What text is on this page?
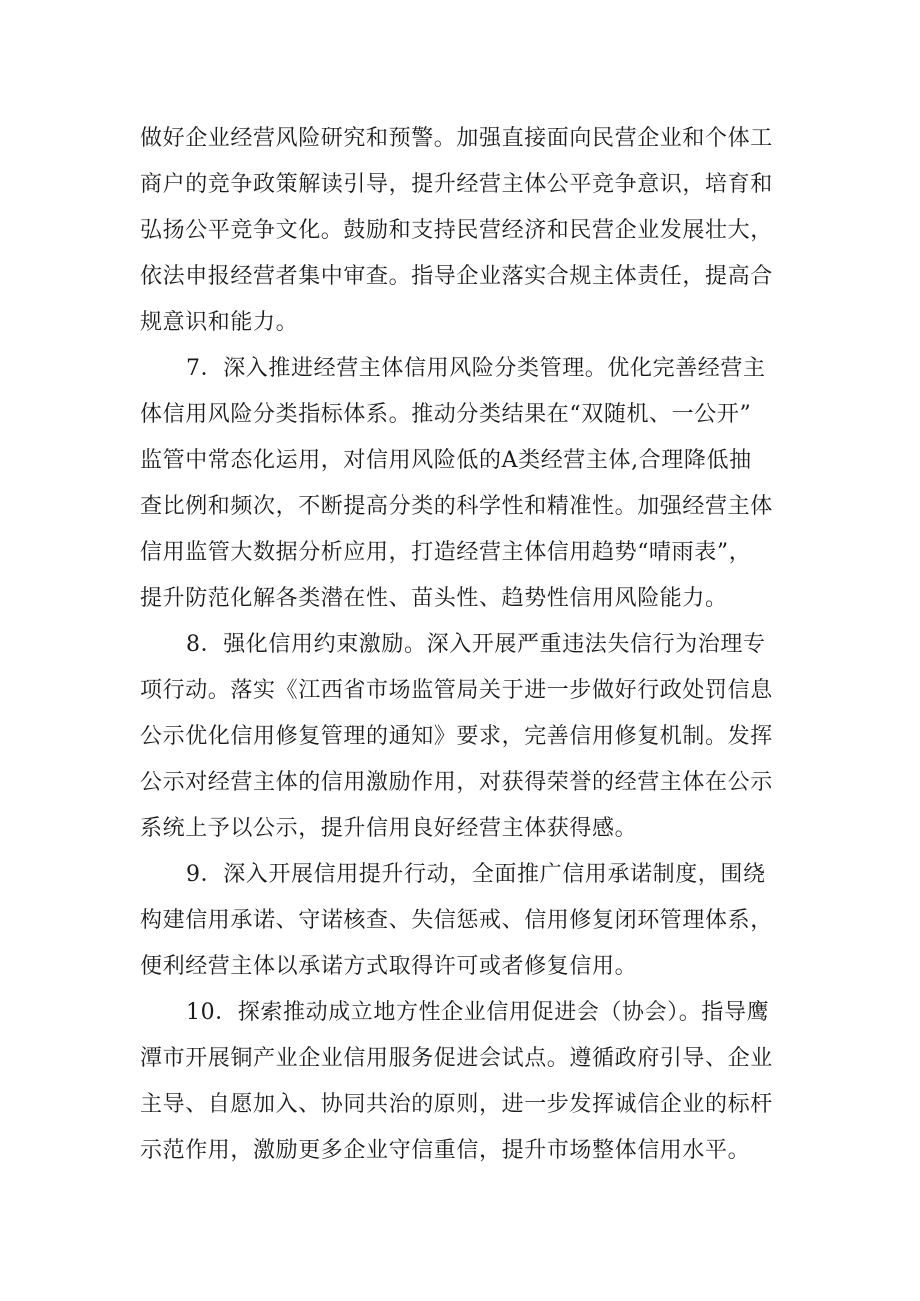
做好企业经营风险研究和预警。加强直接面向民营企业和个体工
商户的竞争政策解读引导，提升经营主体公平竞争意识，培育和
弘扬公平竞争文化。鼓励和支持民营经济和民营企业发展壮大，
依法申报经营者集中审查。指导企业落实合规主体责任，提高合
规意识和能力。
7．深入推进经营主体信用风险分类管理。优化完善经营主
体信用风险分类指标体系。推动分类结果在“双随机、一公开”
监管中常态化运用，对信用风险低的A类经营主体,合理降低抽
查比例和频次，不断提高分类的科学性和精准性。加强经营主体
信用监管大数据分析应用，打造经营主体信用趋势“晴雨表”，
提升防范化解各类潜在性、苗头性、趋势性信用风险能力。
8．强化信用约束激励。深入开展严重违法失信行为治理专
项行动。落实《江西省市场监管局关于进一步做好行政处罚信息
公示优化信用修复管理的通知》要求，完善信用修复机制。发挥
公示对经营主体的信用激励作用，对获得荣誉的经营主体在公示
系统上予以公示，提升信用良好经营主体获得感。
9．深入开展信用提升行动，全面推广信用承诺制度，围绕
构建信用承诺、守诺核查、失信惩戒、信用修复闭环管理体系，
便利经营主体以承诺方式取得许可或者修复信用。
10．探索推动成立地方性企业信用促进会（协会）。指导鹰
潭市开展铜产业企业信用服务促进会试点。遵循政府引导、企业
主导、自愿加入、协同共治的原则，进一步发挥诚信企业的标杆
示范作用，激励更多企业守信重信，提升市场整体信用水平。
